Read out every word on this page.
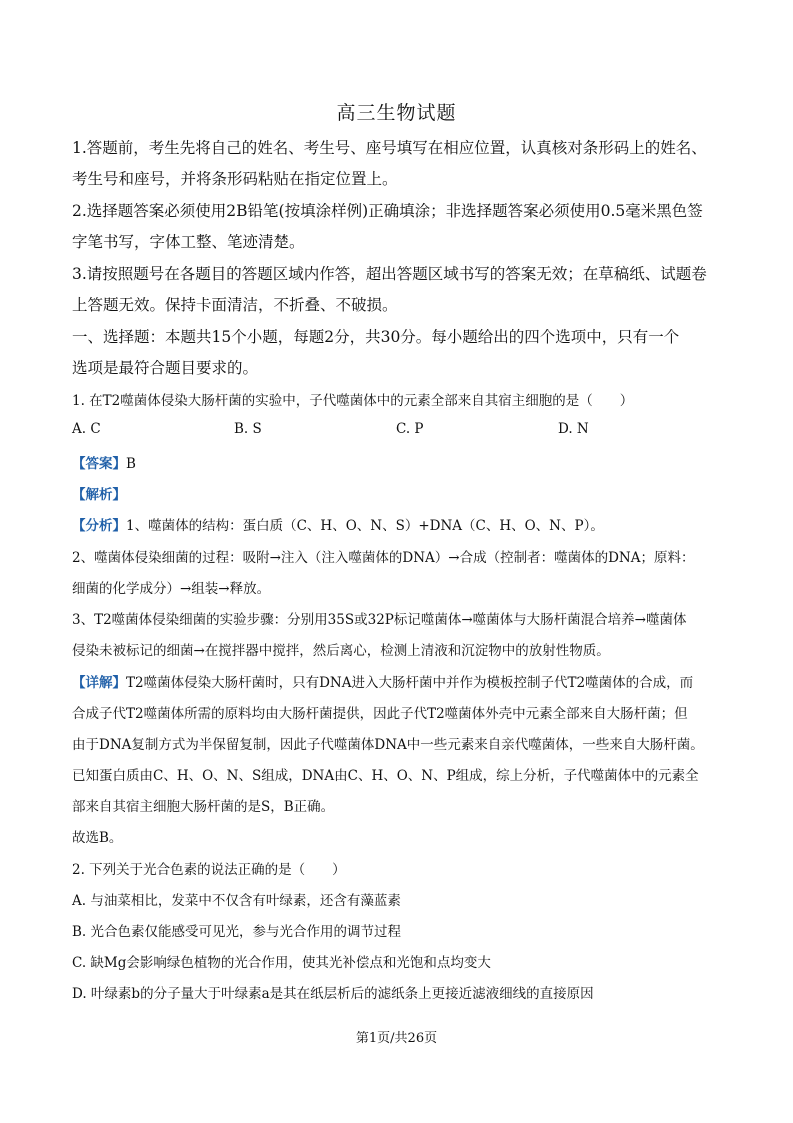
高三生物试题
1.答题前，考生先将自己的姓名、考生号、座号填写在相应位置，认真核对条形码上的姓名、
考生号和座号，并将条形码粘贴在指定位置上。
2.选择题答案必须使用2B铅笔(按填涂样例)正确填涂；非选择题答案必须使用0.5毫米黑色签
字笔书写，字体工整、笔迹清楚。
3.请按照题号在各题目的答题区域内作答，超出答题区域书写的答案无效；在草稿纸、试题卷
上答题无效。保持卡面清洁，不折叠、不破损。
一、选择题：本题共15个小题，每题2分，共30分。每小题给出的四个选项中，只有一个
选项是最符合题目要求的。
1. 在T2噬菌体侵染大肠杆菌的实验中，子代噬菌体中的元素全部来自其宿主细胞的是（　　）
A. C	B. S	C. P	D. N
【答案】B
【解析】
【分析】1、噬菌体的结构：蛋白质（C、H、O、N、S）+DNA（C、H、O、N、P）。
2、噬菌体侵染细菌的过程：吸附→注入（注入噬菌体的DNA）→合成（控制者：噬菌体的DNA；原料：
细菌的化学成分）→组装→释放。
3、T2噬菌体侵染细菌的实验步骤：分别用35S或32P标记噬菌体→噬菌体与大肠杆菌混合培养→噬菌体
侵染未被标记的细菌→在搅拌器中搅拌，然后离心，检测上清液和沉淀物中的放射性物质。
【详解】T2噬菌体侵染大肠杆菌时，只有DNA进入大肠杆菌中并作为模板控制子代T2噬菌体的合成，而
合成子代T2噬菌体所需的原料均由大肠杆菌提供，因此子代T2噬菌体外壳中元素全部来自大肠杆菌；但
由于DNA复制方式为半保留复制，因此子代噬菌体DNA中一些元素来自亲代噬菌体，一些来自大肠杆菌。
已知蛋白质由C、H、O、N、S组成，DNA由C、H、O、N、P组成，综上分析，子代噬菌体中的元素全
部来自其宿主细胞大肠杆菌的是S，B正确。
故选B。
2. 下列关于光合色素的说法正确的是（　　）
A. 与油菜相比，发菜中不仅含有叶绿素，还含有藻蓝素
B. 光合色素仅能感受可见光，参与光合作用的调节过程
C. 缺Mg会影响绿色植物的光合作用，使其光补偿点和光饱和点均变大
D. 叶绿素b的分子量大于叶绿素a是其在纸层析后的滤纸条上更接近滤液细线的直接原因
第1页/共26页
